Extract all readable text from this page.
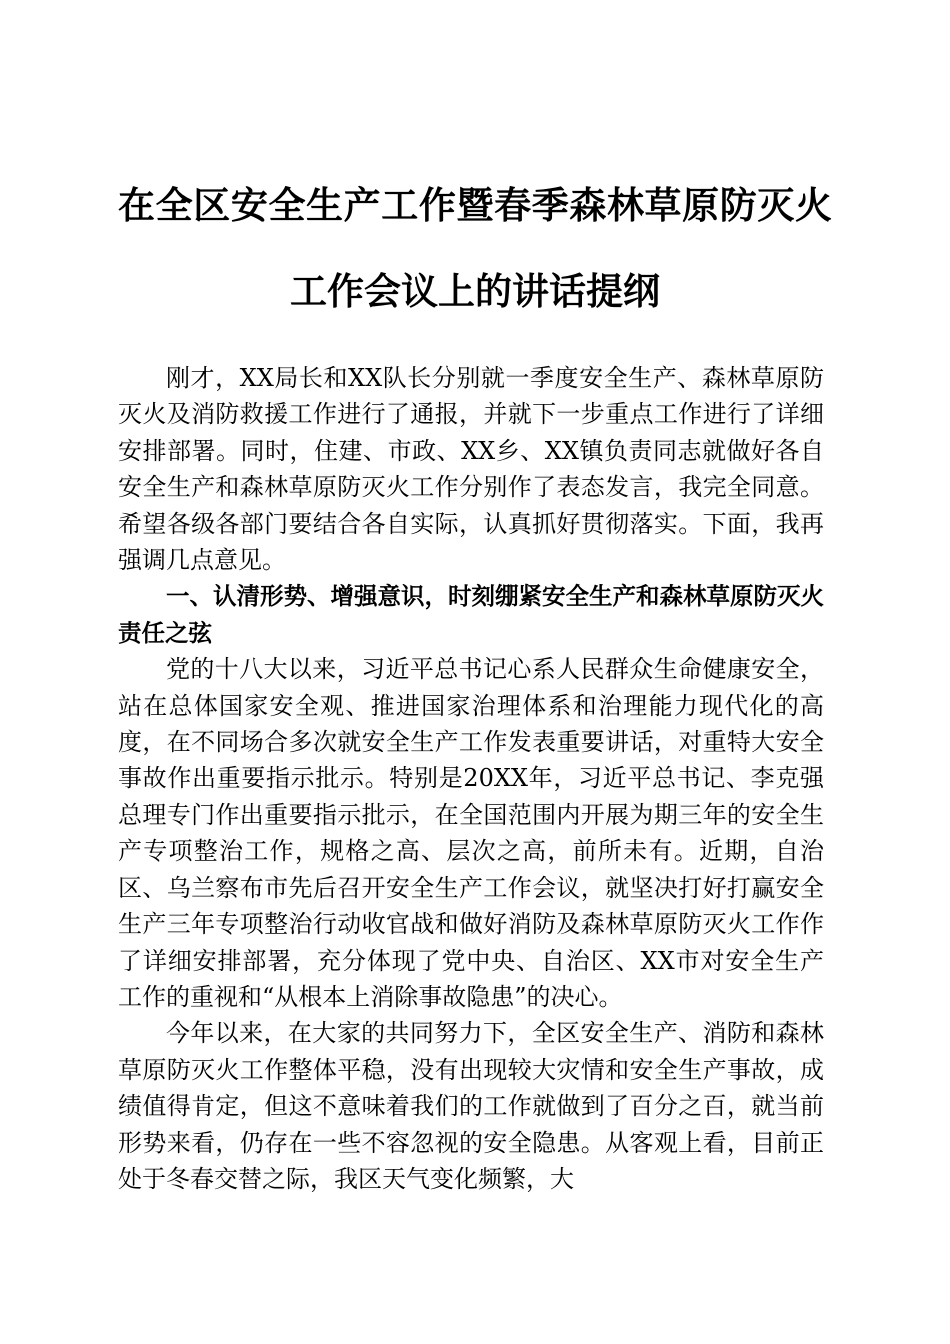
在全区安全生产工作暨春季森林草原防灭火工作会议上的讲话提纲

刚才，XX局长和XX队长分别就一季度安全生产、森林草原防灭火及消防救援工作进行了通报，并就下一步重点工作进行了详细安排部署。同时，住建、市政、XX乡、XX镇负责同志就做好各自安全生产和森林草原防灭火工作分别作了表态发言，我完全同意。希望各级各部门要结合各自实际，认真抓好贯彻落实。下面，我再强调几点意见。

一、认清形势、增强意识，时刻绷紧安全生产和森林草原防灭火责任之弦

党的十八大以来，习近平总书记心系人民群众生命健康安全，站在总体国家安全观、推进国家治理体系和治理能力现代化的高度，在不同场合多次就安全生产工作发表重要讲话，对重特大安全事故作出重要指示批示。特别是20XX年，习近平总书记、李克强总理专门作出重要指示批示，在全国范围内开展为期三年的安全生产专项整治工作，规格之高、层次之高，前所未有。近期，自治区、乌兰察布市先后召开安全生产工作会议，就坚决打好打赢安全生产三年专项整治行动收官战和做好消防及森林草原防灭火工作作了详细安排部署，充分体现了党中央、自治区、XX市对安全生产工作的重视和“从根本上消除事故隐患”的决心。

今年以来，在大家的共同努力下，全区安全生产、消防和森林草原防灭火工作整体平稳，没有出现较大灾情和安全生产事故，成绩值得肯定，但这不意味着我们的工作就做到了百分之百，就当前形势来看，仍存在一些不容忽视的安全隐患。从客观上看，目前正处于冬春交替之际，我区天气变化频繁，大
